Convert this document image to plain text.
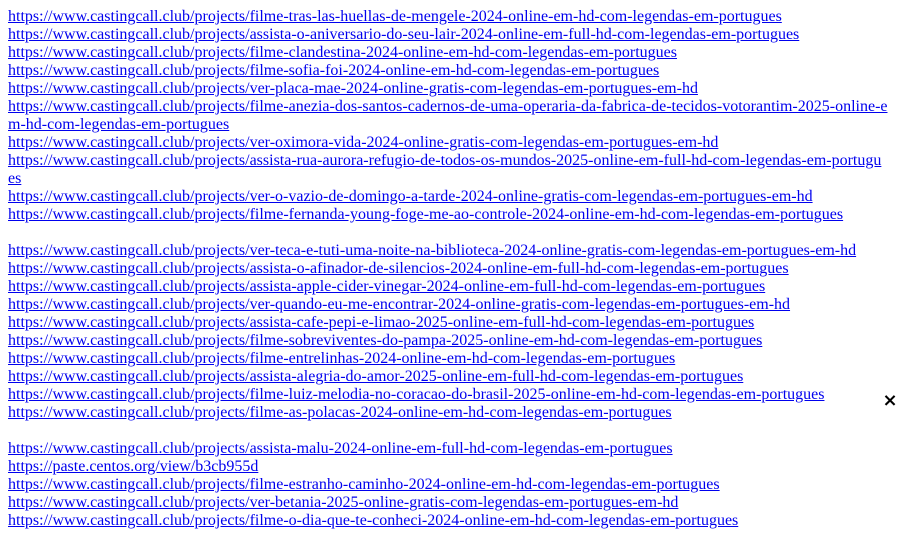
https://www.castingcall.club/projects/filme-tras-las-huellas-de-mengele-2024-online-em-hd-com-legendas-em-portugues
https://www.castingcall.club/projects/assista-o-aniversario-do-seu-lair-2024-online-em-full-hd-com-legendas-em-portugues
https://www.castingcall.club/projects/filme-clandestina-2024-online-em-hd-com-legendas-em-portugues
https://www.castingcall.club/projects/filme-sofia-foi-2024-online-em-hd-com-legendas-em-portugues
https://www.castingcall.club/projects/ver-placa-mae-2024-online-gratis-com-legendas-em-portugues-em-hd
https://www.castingcall.club/projects/filme-anezia-dos-santos-cadernos-de-uma-operaria-da-fabrica-de-tecidos-votorantim-2025-online-em-hd-com-legendas-em-portugues
https://www.castingcall.club/projects/ver-oximora-vida-2024-online-gratis-com-legendas-em-portugues-em-hd
https://www.castingcall.club/projects/assista-rua-aurora-refugio-de-todos-os-mundos-2025-online-em-full-hd-com-legendas-em-portugues
https://www.castingcall.club/projects/ver-o-vazio-de-domingo-a-tarde-2024-online-gratis-com-legendas-em-portugues-em-hd
https://www.castingcall.club/projects/filme-fernanda-young-foge-me-ao-controle-2024-online-em-hd-com-legendas-em-portugues
https://www.castingcall.club/projects/ver-teca-e-tuti-uma-noite-na-biblioteca-2024-online-gratis-com-legendas-em-portugues-em-hd
https://www.castingcall.club/projects/assista-o-afinador-de-silencios-2024-online-em-full-hd-com-legendas-em-portugues
https://www.castingcall.club/projects/assista-apple-cider-vinegar-2024-online-em-full-hd-com-legendas-em-portugues
https://www.castingcall.club/projects/ver-quando-eu-me-encontrar-2024-online-gratis-com-legendas-em-portugues-em-hd
https://www.castingcall.club/projects/assista-cafe-pepi-e-limao-2025-online-em-full-hd-com-legendas-em-portugues
https://www.castingcall.club/projects/filme-sobreviventes-do-pampa-2025-online-em-hd-com-legendas-em-portugues
https://www.castingcall.club/projects/filme-entrelinhas-2024-online-em-hd-com-legendas-em-portugues
https://www.castingcall.club/projects/assista-alegria-do-amor-2025-online-em-full-hd-com-legendas-em-portugues
https://www.castingcall.club/projects/filme-luiz-melodia-no-coracao-do-brasil-2025-online-em-hd-com-legendas-em-portugues
https://www.castingcall.club/projects/filme-as-polacas-2024-online-em-hd-com-legendas-em-portugues
https://www.castingcall.club/projects/assista-malu-2024-online-em-full-hd-com-legendas-em-portugues
https://paste.centos.org/view/b3cb955d
https://www.castingcall.club/projects/filme-estranho-caminho-2024-online-em-hd-com-legendas-em-portugues
https://www.castingcall.club/projects/ver-betania-2025-online-gratis-com-legendas-em-portugues-em-hd
https://www.castingcall.club/projects/filme-o-dia-que-te-conheci-2024-online-em-hd-com-legendas-em-portugues
×
